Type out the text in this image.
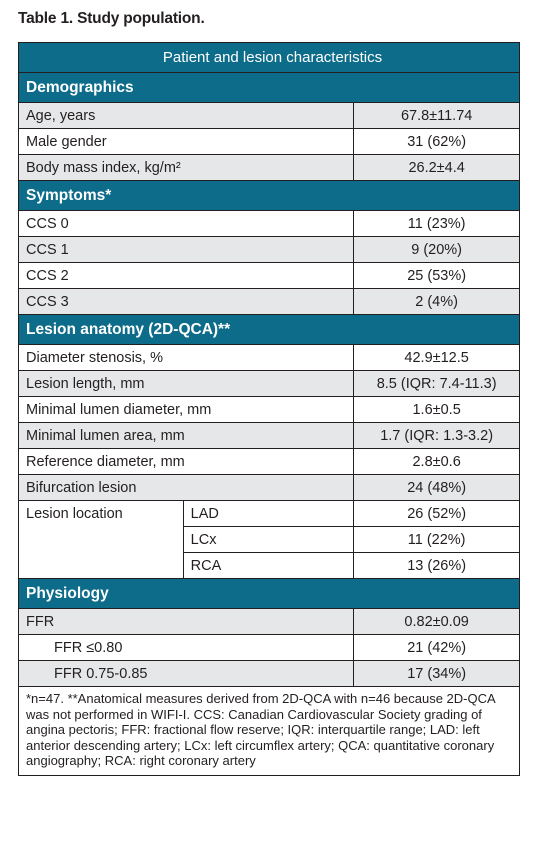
Table 1. Study population.
Patient and lesion characteristics		
Demographics		
Age, years		67.8±11.74
Male gender		31 (62%)
Body mass index, kg/m²		26.2±4.4
Symptoms*		
CCS 0		11 (23%)
CCS 1		9 (20%)
CCS 2		25 (53%)
CCS 3		2 (4%)
Lesion anatomy (2D-QCA)**		
Diameter stenosis, %		42.9±12.5
Lesion length, mm		8.5 (IQR: 7.4-11.3)
Minimal lumen diameter, mm		1.6±0.5
Minimal lumen area, mm		1.7 (IQR: 1.3-3.2)
Reference diameter, mm		2.8±0.6
Bifurcation lesion		24 (48%)
Lesion location	LAD	26 (52%)
	LCx	11 (22%)
	RCA	13 (26%)
Physiology		
FFR		0.82±0.09
FFR ≤0.80		21 (42%)
FFR 0.75-0.85		17 (34%)
*n=47. **Anatomical measures derived from 2D-QCA with n=46 because 2D-QCA was not performed in WIFI-I. CCS: Canadian Cardiovascular Society grading of angina pectoris; FFR: fractional flow reserve; IQR: interquartile range; LAD: left anterior descending artery; LCx: left circumflex artery; QCA: quantitative coronary angiography; RCA: right coronary artery		
